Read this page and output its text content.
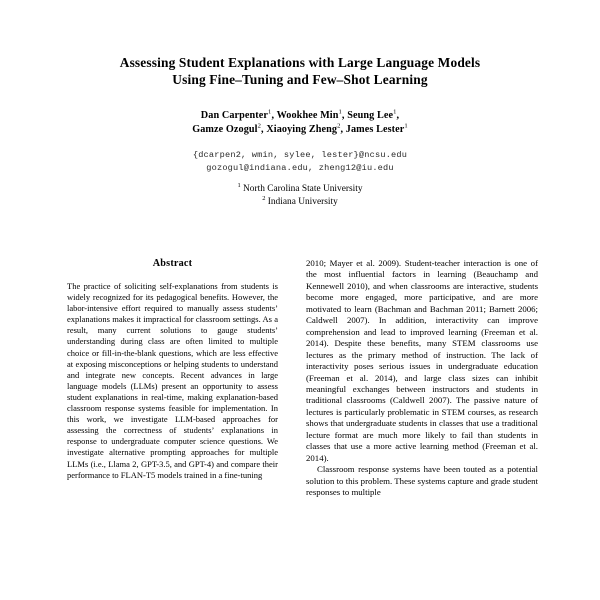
Assessing Student Explanations with Large Language Models
Using Fine–Tuning and Few–Shot Learning
Dan Carpenter$^1$, Wookhee Min$^1$, Seung Lee$^1$,
Gamze Ozogul$^2$, Xiaoying Zheng$^2$, James Lester$^1$
{dcarpen2, wmin, sylee, lester}@ncsu.edu
gozogul@indiana.edu, zheng12@iu.edu
$^1$ North Carolina State University
$^2$ Indiana University
Abstract

The practice of soliciting self-explanations from students is widely recognized for its pedagogical benefits. However, the labor-intensive effort required to manually assess students’ explanations makes it impractical for classroom settings. As a result, many current solutions to gauge students’ understanding during class are often limited to multiple choice or fill-in-the-blank questions, which are less effective at exposing misconceptions or helping students to understand and integrate new concepts. Recent advances in large language models (LLMs) present an opportunity to assess student explanations in real-time, making explanation-based classroom response systems feasible for implementation. In this work, we investigate LLM-based approaches for assessing the correctness of students’ explanations in response to undergraduate computer science questions. We investigate alternative prompting approaches for multiple LLMs (i.e., Llama 2, GPT-3.5, and GPT-4) and compare their performance to FLAN-T5 models trained in a fine-tuning

2010; Mayer et al. 2009). Student-teacher interaction is one of the most influential factors in learning (Beauchamp and Kennewell 2010), and when classrooms are interactive, students become more engaged, more participative, and are more motivated to learn (Bachman and Bachman 2011; Barnett 2006; Caldwell 2007). In addition, interactivity can improve comprehension and lead to improved learning (Freeman et al. 2014). Despite these benefits, many STEM classrooms use lectures as the primary method of instruction. The lack of interactivity poses serious issues in undergraduate education (Freeman et al. 2014), and large class sizes can inhibit meaningful exchanges between instructors and students in traditional classrooms (Caldwell 2007). The passive nature of lectures is particularly problematic in STEM courses, as research shows that undergraduate students in classes that use a traditional lecture format are much more likely to fail than students in classes that use a more active learning method (Freeman et al. 2014).

Classroom response systems have been touted as a potential solution to this problem. These systems capture and grade student responses to multiple
